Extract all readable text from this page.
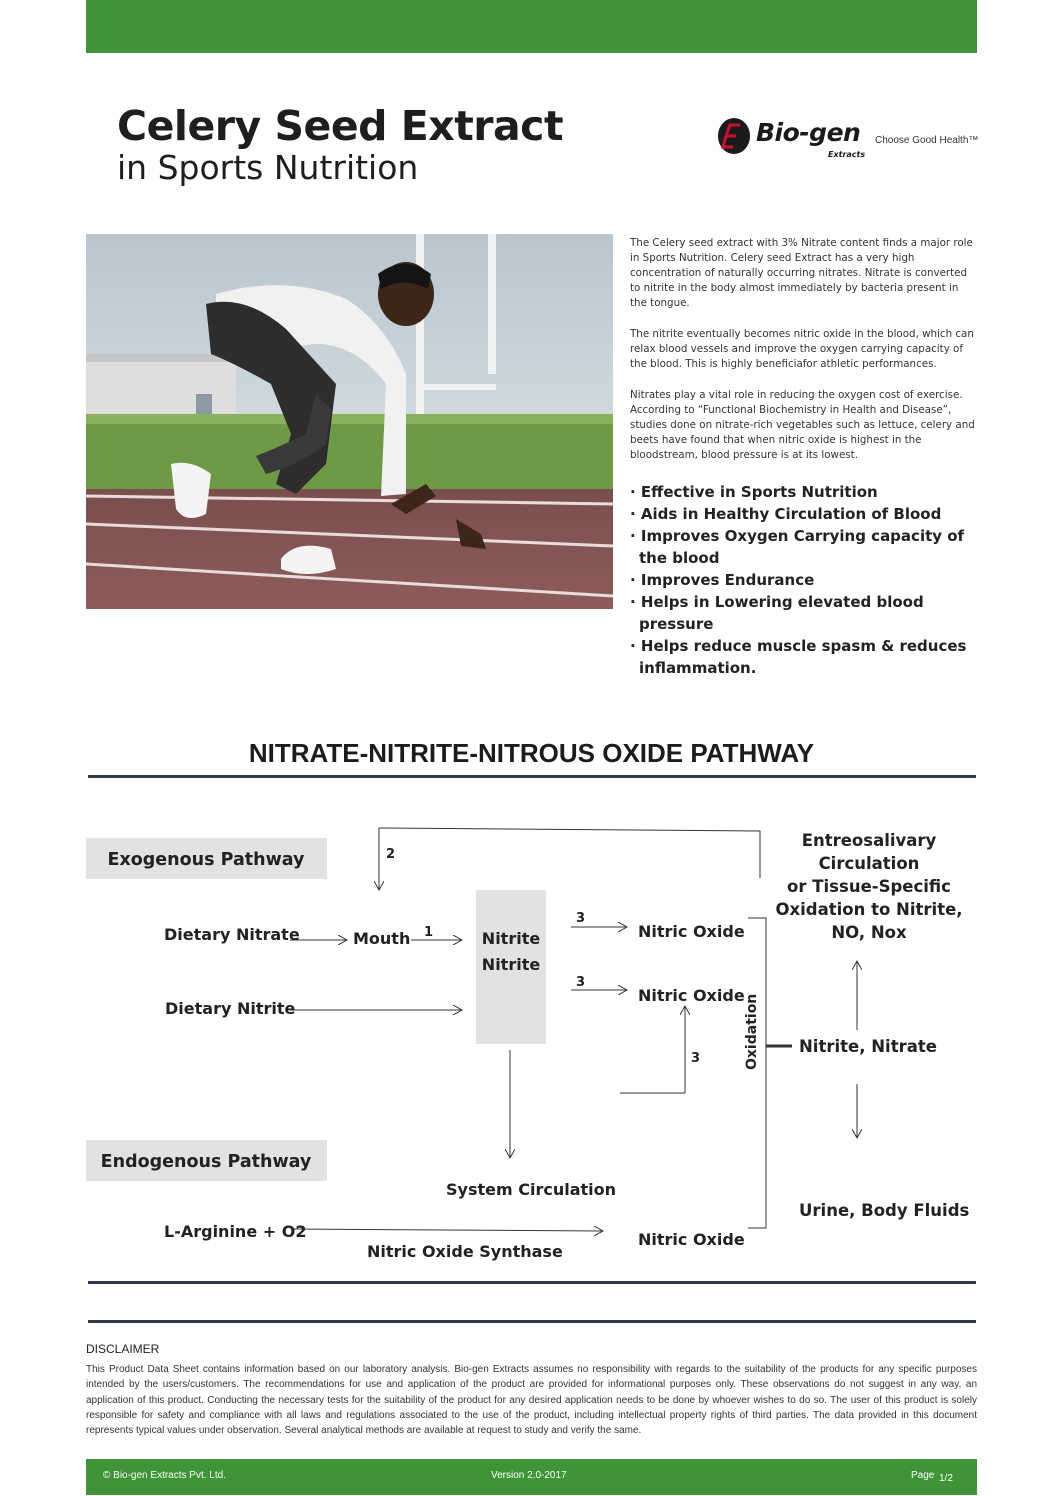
Celery Seed Extract
in Sports Nutrition
Bio-gen
Extracts
Choose Good Health™

The Celery seed extract with 3% Nitrate content finds a major role in Sports Nutrition. Celery seed Extract has a very high concentration of naturally occurring nitrates. Nitrate is converted to nitrite in the body almost immediately by bacteria present in the tongue.

The nitrite eventually becomes nitric oxide in the blood, which can relax blood vessels and improve the oxygen carrying capacity of the blood. This is highly beneficiafor athletic performances.

Nitrates play a vital role in reducing the oxygen cost of exercise. According to “Functional Biochemistry in Health and Disease”, studies done on nitrate-rich vegetables such as lettuce, celery and beets have found that when nitric oxide is highest in the bloodstream, blood pressure is at its lowest.

· Effective in Sports Nutrition
· Aids in Healthy Circulation of Blood
· Improves Oxygen Carrying capacity of the blood
· Improves Endurance
· Helps in Lowering elevated blood pressure
· Helps reduce muscle spasm & reduces inflammation.
NITRATE-NITRITE-NITROUS OXIDE PATHWAY
Exogenous Pathway
Endogenous Pathway
Dietary Nitrate
Dietary Nitrite
Mouth	Nitrite
Nitrite
Nitric Oxide
Nitric Oxide
Nitric Oxide
System Circulation
L-Arginine + O2
Nitric Oxide Synthase
Oxidation Nitrite, Nitrate
Urine, Body Fluids
Entreosalivary
Circulation
or Tissue-Specific
Oxidation to Nitrite,
NO, Nox
1
2
3
3
3
DISCLAIMER
This Product Data Sheet contains information based on our laboratory analysis. Bio-gen Extracts assumes no responsibility with regards to the suitability of the products for any specific purposes intended by the users/customers. The recommendations for use and application of the product are provided for informational purposes only. These observations do not suggest in any way, an application of this product. Conducting the necessary tests for the suitability of the product for any desired application needs to be done by whoever wishes to do so. The user of this product is solely responsible for safety and compliance with all laws and regulations associated to the use of the product, including intellectual property rights of third parties. The data provided in this document represents typical values under observation. Several analytical methods are available at request to study and verify the same.
© Bio-gen Extracts Pvt. Ltd.	Version 2.0-2017	Page 1/2
